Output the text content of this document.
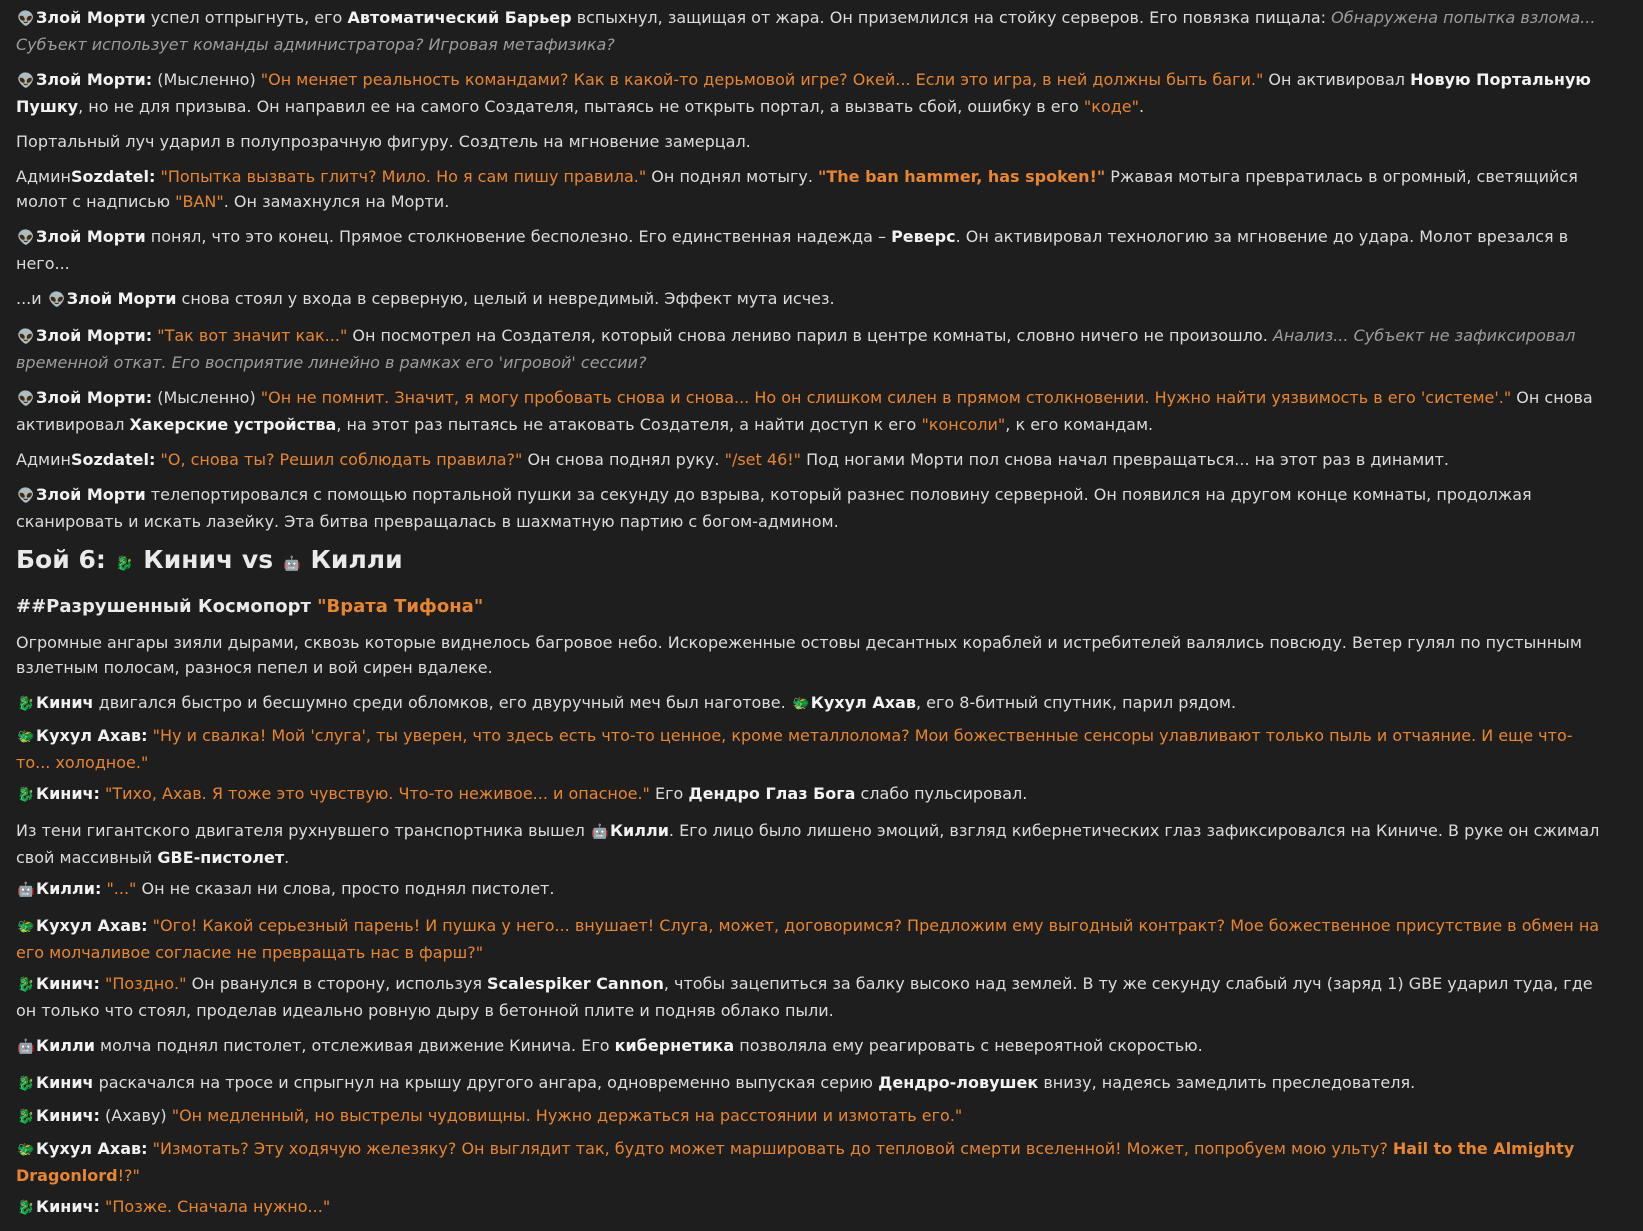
👽Злой Морти успел отпрыгнуть, его Автоматический Барьер вспыхнул, защищая от жара. Он приземлился на стойку серверов. Его повязка пищала: Обнаружена попытка взлома... Субъект использует команды администратора? Игровая метафизика?
👽Злой Морти: (Мысленно) "Он меняет реальность командами? Как в какой-то дерьмовой игре? Окей... Если это игра, в ней должны быть баги." Он активировал Новую Портальную Пушку, но не для призыва. Он направил ее на самого Создателя, пытаясь не открыть портал, а вызвать сбой, ошибку в его "коде".
Портальный луч ударил в полупрозрачную фигуру. Создтель на мгновение замерцал.
АдминSozdatel: "Попытка вызвать глитч? Мило. Но я сам пишу правила." Он поднял мотыгу. "The ban hammer, has spoken!" Ржавая мотыга превратилась в огромный, светящийся молот с надписью "BAN". Он замахнулся на Морти.
👽Злой Морти понял, что это конец. Прямое столкновение бесполезно. Его единственная надежда – Реверс. Он активировал технологию за мгновение до удара. Молот врезался в него...
...и 👽Злой Морти снова стоял у входа в серверную, целый и невредимый. Эффект мута исчез.
👽Злой Морти: "Так вот значит как..." Он посмотрел на Создателя, который снова лениво парил в центре комнаты, словно ничего не произошло. Анализ... Субъект не зафиксировал временной откат. Его восприятие линейно в рамках его 'игровой' сессии?
👽Злой Морти: (Мысленно) "Он не помнит. Значит, я могу пробовать снова и снова... Но он слишком силен в прямом столкновении. Нужно найти уязвимость в его 'системе'." Он снова активировал Хакерские устройства, на этот раз пытаясь не атаковать Создателя, а найти доступ к его "консоли", к его командам.
АдминSozdatel: "О, снова ты? Решил соблюдать правила?" Он снова поднял руку. "/set 46!" Под ногами Морти пол снова начал превращаться... на этот раз в динамит.
👽Злой Морти телепортировался с помощью портальной пушки за секунду до взрыва, который разнес половину серверной. Он появился на другом конце комнаты, продолжая сканировать и искать лазейку. Эта битва превращалась в шахматную партию с богом-админом.
Бой 6: 🐉 Кинич vs 🤖 Килли
##Разрушенный Космопорт "Врата Тифона"
Огромные ангары зияли дырами, сквозь которые виднелось багровое небо. Искореженные остовы десантных кораблей и истребителей валялись повсюду. Ветер гулял по пустынным взлетным полосам, разнося пепел и вой сирен вдалеке.
🐉Кинич двигался быстро и бесшумно среди обломков, его двуручный меч был наготове. 🐲Кухул Ахав, его 8-битный спутник, парил рядом.
🐲Кухул Ахав: "Ну и свалка! Мой 'слуга', ты уверен, что здесь есть что-то ценное, кроме металлолома? Мои божественные сенсоры улавливают только пыль и отчаяние. И еще что-то... холодное."
🐉Кинич: "Тихо, Ахав. Я тоже это чувствую. Что-то неживое... и опасное." Его Дендро Глаз Бога слабо пульсировал.
Из тени гигантского двигателя рухнувшего транспортника вышел 🤖Килли. Его лицо было лишено эмоций, взгляд кибернетических глаз зафиксировался на Киниче. В руке он сжимал свой массивный GBE-пистолет.
🤖Килли: "..." Он не сказал ни слова, просто поднял пистолет.
🐲Кухул Ахав: "Ого! Какой серьезный парень! И пушка у него... внушает! Слуга, может, договоримся? Предложим ему выгодный контракт? Мое божественное присутствие в обмен на его молчаливое согласие не превращать нас в фарш?"
🐉Кинич: "Поздно." Он рванулся в сторону, используя Scalespiker Cannon, чтобы зацепиться за балку высоко над землей. В ту же секунду слабый луч (заряд 1) GBE ударил туда, где он только что стоял, проделав идеально ровную дыру в бетонной плите и подняв облако пыли.
🤖Килли молча поднял пистолет, отслеживая движение Кинича. Его кибернетика позволяла ему реагировать с невероятной скоростью.
🐉Кинич раскачался на тросе и спрыгнул на крышу другого ангара, одновременно выпуская серию Дендро-ловушек внизу, надеясь замедлить преследователя.
🐉Кинич: (Ахаву) "Он медленный, но выстрелы чудовищны. Нужно держаться на расстоянии и измотать его."
🐲Кухул Ахав: "Измотать? Эту ходячую железяку? Он выглядит так, будто может маршировать до тепловой смерти вселенной! Может, попробуем мою ульту? Hail to the Almighty Dragonlord!?"
🐉Кинич: "Позже. Сначала нужно..."
